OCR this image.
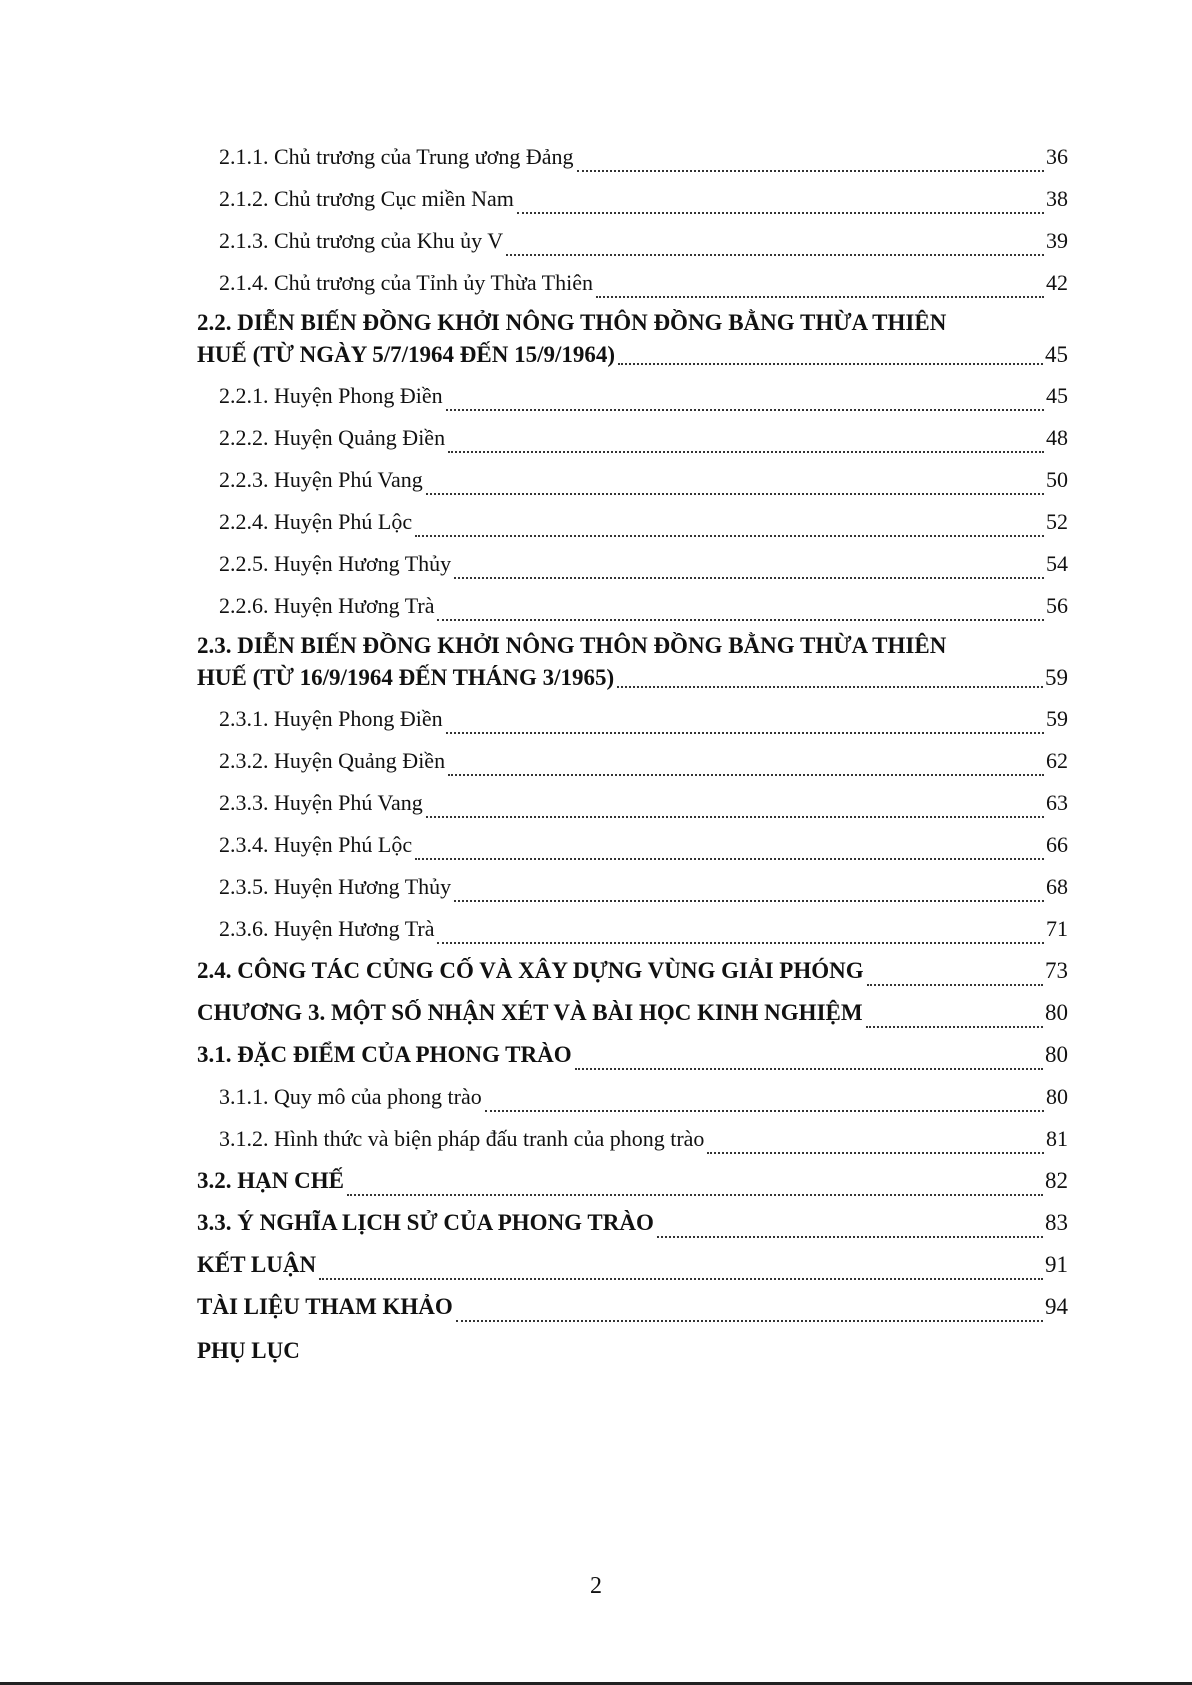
2.1.1. Chủ trương của Trung ương Đảng	36
2.1.2. Chủ trương Cục miền Nam	38
2.1.3. Chủ trương của Khu ủy V	39
2.1.4. Chủ trương của Tỉnh ủy Thừa Thiên	42
2.2. DIỄN BIẾN ĐỒNG KHỞI NÔNG THÔN ĐỒNG BẰNG THỪA THIÊN
HUẾ (TỪ NGÀY 5/7/1964 ĐẾN 15/9/1964)	45
2.2.1. Huyện Phong Điền	45
2.2.2. Huyện Quảng Điền	48
2.2.3. Huyện Phú Vang	50
2.2.4. Huyện Phú Lộc	52
2.2.5. Huyện Hương Thủy	54
2.2.6. Huyện Hương Trà	56
2.3. DIỄN BIẾN ĐỒNG KHỞI NÔNG THÔN ĐỒNG BẰNG THỪA THIÊN
HUẾ (TỪ 16/9/1964 ĐẾN THÁNG 3/1965)	59
2.3.1. Huyện Phong Điền	59
2.3.2. Huyện Quảng Điền	62
2.3.3. Huyện Phú Vang	63
2.3.4. Huyện Phú Lộc	66
2.3.5. Huyện Hương Thủy	68
2.3.6. Huyện Hương Trà	71
2.4. CÔNG TÁC CỦNG CỐ VÀ XÂY DỰNG VÙNG GIẢI PHÓNG	73
CHƯƠNG 3. MỘT SỐ NHẬN XÉT VÀ BÀI HỌC KINH NGHIỆM	80
3.1. ĐẶC ĐIỂM CỦA PHONG TRÀO	80
3.1.1. Quy mô của phong trào	80
3.1.2. Hình thức và biện pháp đấu tranh của phong trào	81
3.2. HẠN CHẾ	82
3.3. Ý NGHĨA LỊCH SỬ CỦA PHONG TRÀO	83
KẾT LUẬN	91
TÀI LIỆU THAM KHẢO	94
PHỤ LỤC
2
